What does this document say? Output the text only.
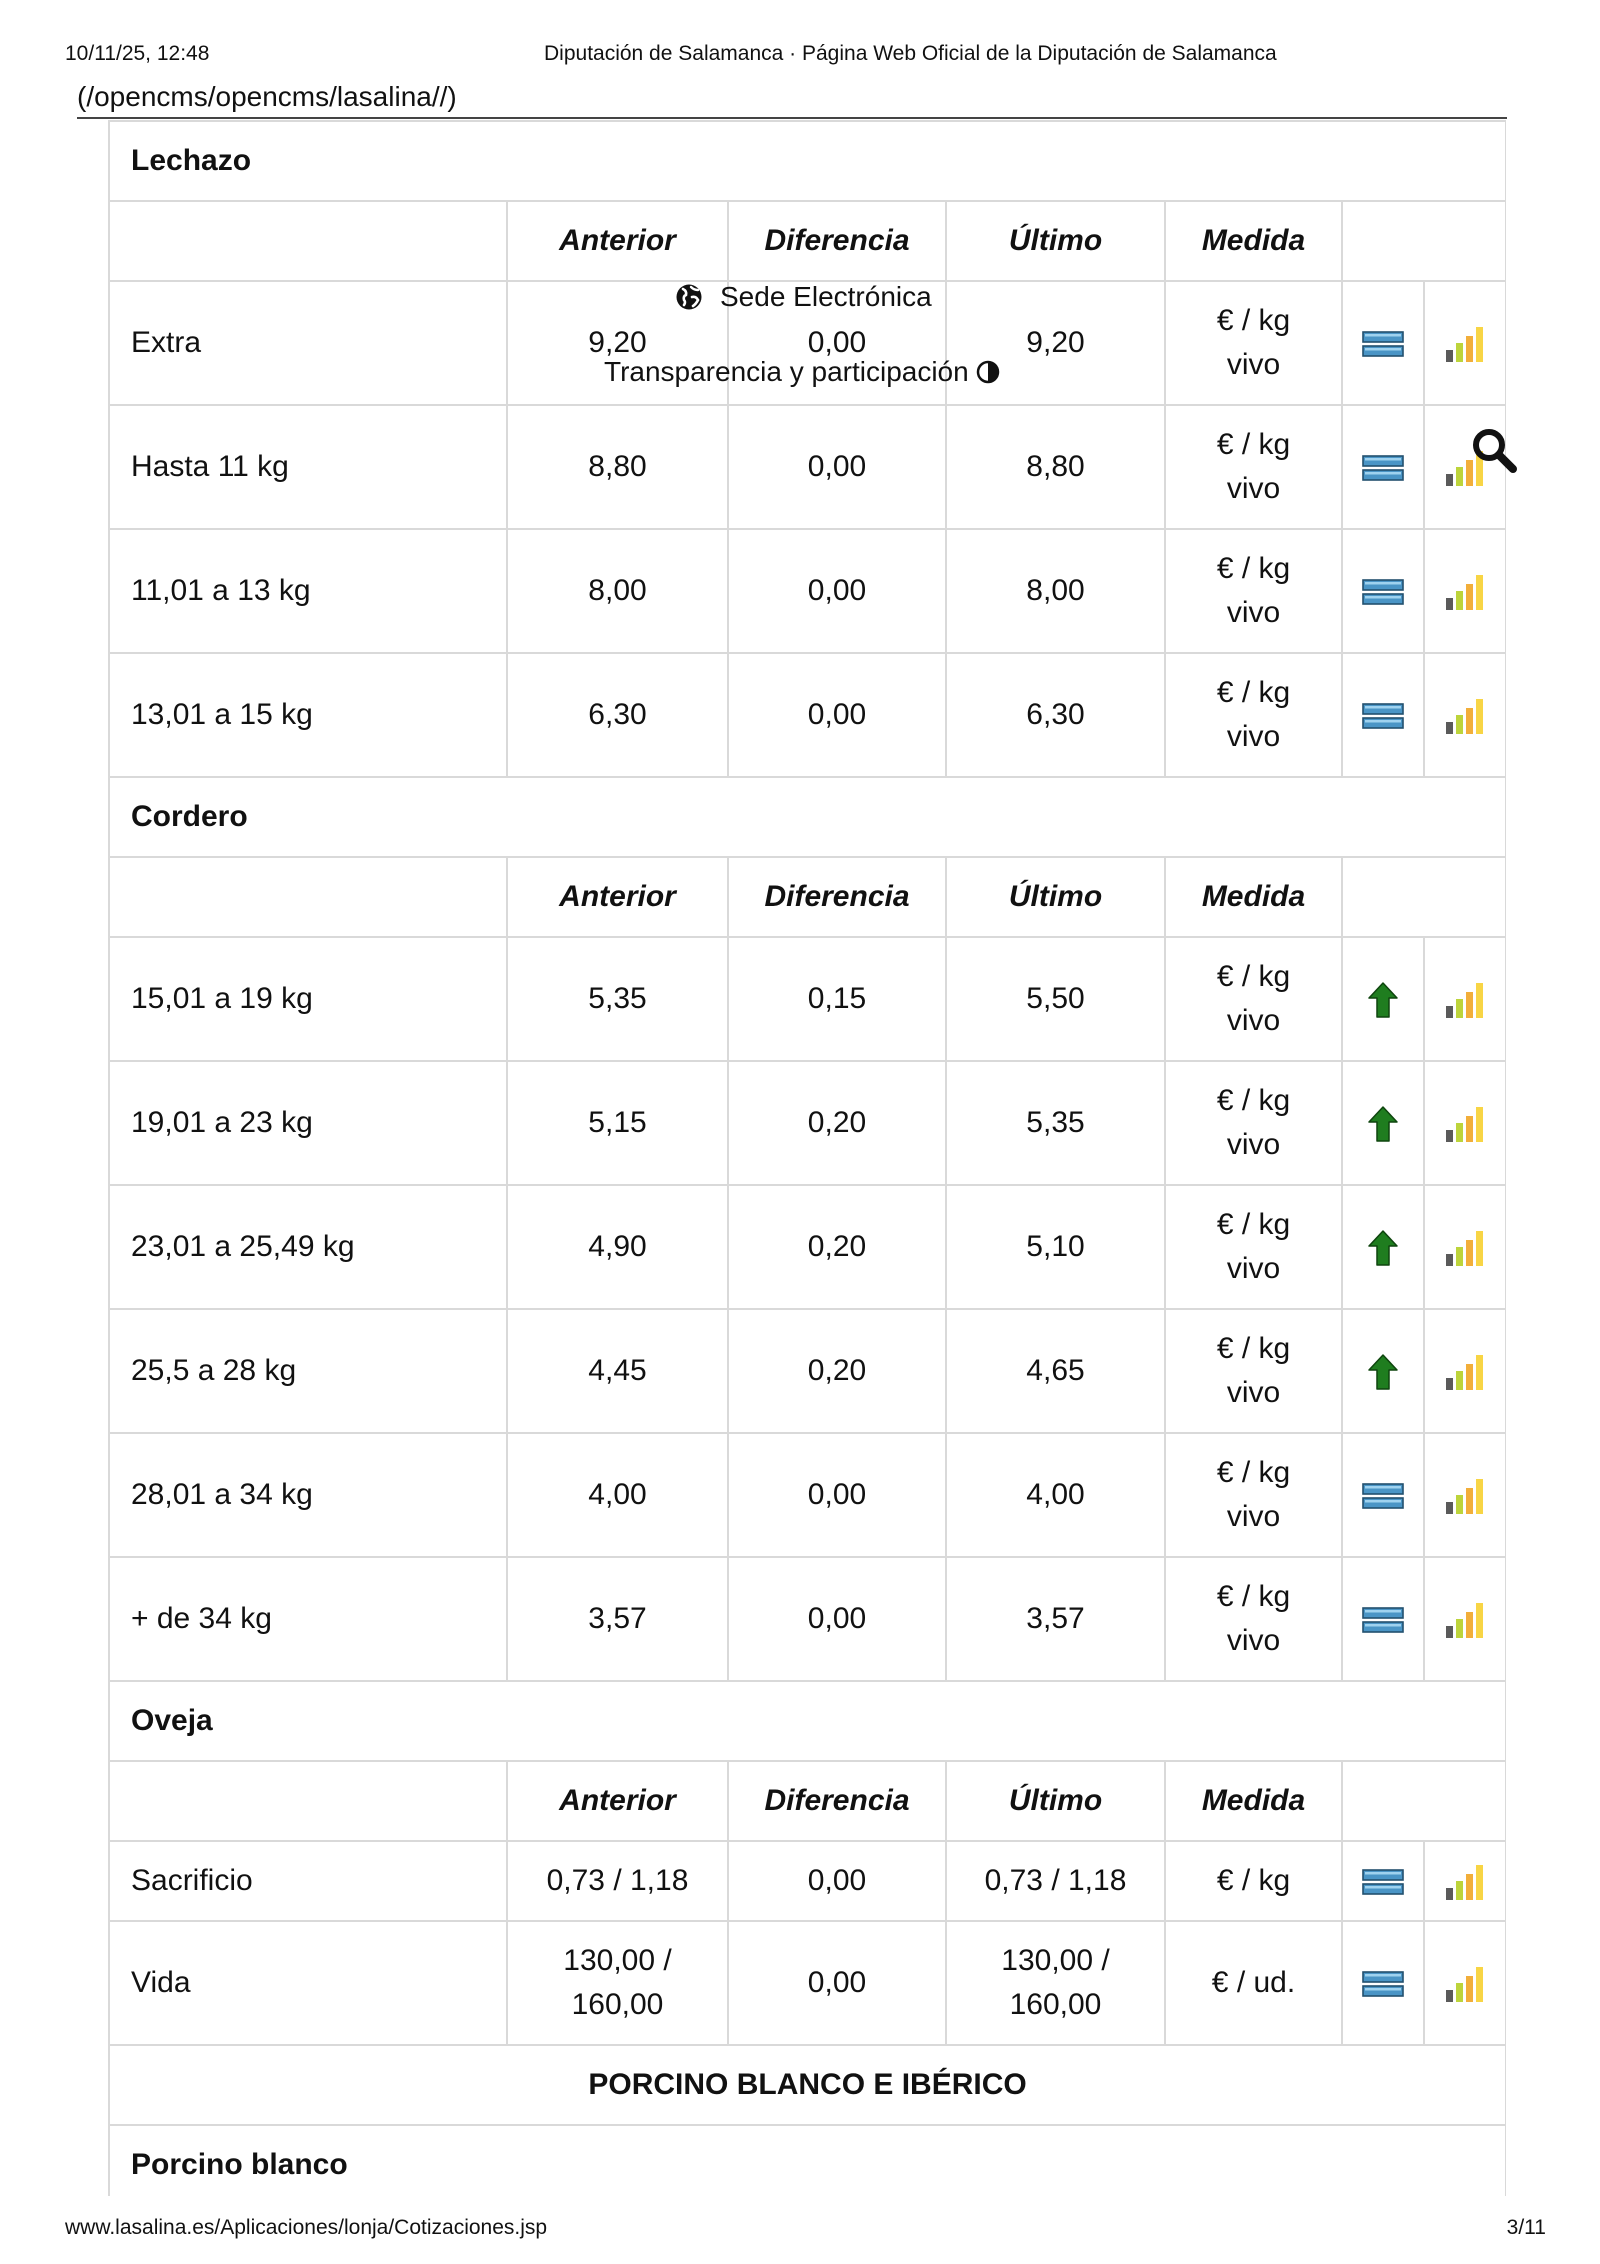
10/11/25, 12:48	Diputación de Salamanca · Página Web Oficial de la Diputación de Salamanca
(/opencms/opencms/lasalina//)
Lechazo						
	Anterior	Diferencia	Último	Medida		
Extra	9,20	0,00	9,20	€ / kg vivo		
Hasta 11 kg	8,80	0,00	8,80	€ / kg vivo		
11,01 a 13 kg	8,00	0,00	8,00	€ / kg vivo		
13,01 a 15 kg	6,30	0,00	6,30	€ / kg vivo		
Cordero						
	Anterior	Diferencia	Último	Medida		
15,01 a 19 kg	5,35	0,15	5,50	€ / kg vivo		
19,01 a 23 kg	5,15	0,20	5,35	€ / kg vivo		
23,01 a 25,49 kg	4,90	0,20	5,10	€ / kg vivo		
25,5 a 28 kg	4,45	0,20	4,65	€ / kg vivo		
28,01 a 34 kg	4,00	0,00	4,00	€ / kg vivo		
+ de 34 kg	3,57	0,00	3,57	€ / kg vivo		
Oveja						
	Anterior	Diferencia	Último	Medida		
Sacrificio	0,73 / 1,18	0,00	0,73 / 1,18	€ / kg		
Vida	130,00 / 160,00	0,00	130,00 / 160,00	€ / ud.		
PORCINO BLANCO E IBÉRICO						
Porcino blanco						
Sede Electrónica
Transparencia y participación
www.lasalina.es/Aplicaciones/lonja/Cotizaciones.jsp	3/11
